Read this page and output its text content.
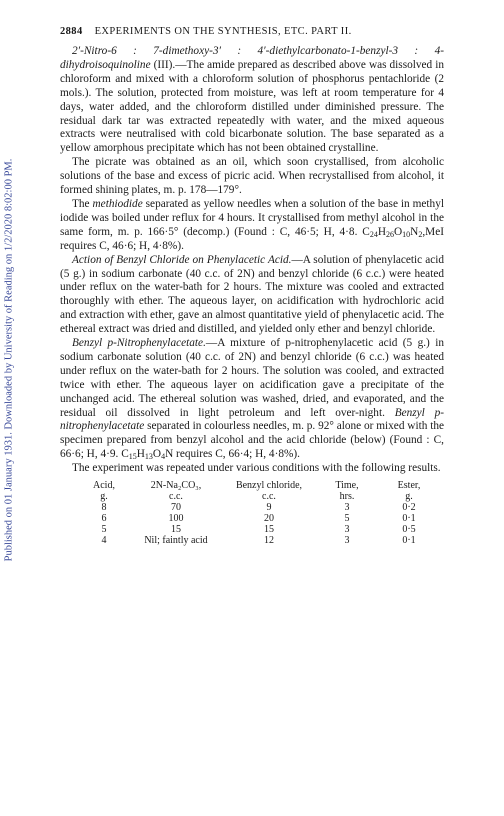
Published on 01 January 1931. Downloaded by University of Reading on 1/2/2020 8:02:00 PM.
2884 EXPERIMENTS ON THE SYNTHESIS, ETC. PART II.

2′-Nitro-6 : 7-dimethoxy-3′ : 4′-diethylcarbonato-1-benzyl-3 : 4-dihydroisoquinoline (III).—The amide prepared as described above was dissolved in chloroform and mixed with a chloroform solution of phosphorus pentachloride (2 mols.). The solution, protected from moisture, was left at room temperature for 4 days, water added, and the chloroform distilled under diminished pressure. The residual dark tar was extracted repeatedly with water, and the mixed aqueous extracts were neutralised with cold bicarbonate solution. The base separated as a yellow amorphous precipitate which has not been obtained crystalline.

The picrate was obtained as an oil, which soon crystallised, from alcoholic solutions of the base and excess of picric acid. When recrystallised from alcohol, it formed shining plates, m. p. 178—179°.

The methiodide separated as yellow needles when a solution of the base in methyl iodide was boiled under reflux for 4 hours. It crystallised from methyl alcohol in the same form, m. p. 166·5° (decomp.) (Found : C, 46·5; H, 4·8. $C_{24}H_{26}O_{10}N_2,MeI$ requires C, 46·6; H, 4·8%).

Action of Benzyl Chloride on Phenylacetic Acid.—A solution of phenylacetic acid (5 g.) in sodium carbonate (40 c.c. of 2N) and benzyl chloride (6 c.c.) were heated under reflux on the water-bath for 2 hours. The mixture was cooled and extracted thoroughly with ether. The aqueous layer, on acidification with hydrochloric acid and extraction with ether, gave an almost quantitative yield of phenylacetic acid. The ethereal extract was dried and distilled, and yielded only ether and benzyl chloride.

Benzyl p-Nitrophenylacetate.—A mixture of p-nitrophenylacetic acid (5 g.) in sodium carbonate solution (40 c.c. of 2N) and benzyl chloride (6 c.c.) was heated under reflux on the water-bath for 2 hours. The solution was cooled, and extracted twice with ether. The aqueous layer on acidification gave a precipitate of the unchanged acid. The ethereal solution was washed, dried, and evaporated, and the residual oil dissolved in light petroleum and left over-night. Benzyl p-nitrophenylacetate separated in colourless needles, m. p. 92° alone or mixed with the specimen prepared from benzyl alcohol and the acid chloride (below) (Found : C, 66·6; H, 4·9. $C_{15}H_{13}O_4N$ requires C, 66·4; H, 4·8%).

The experiment was repeated under various conditions with the following results.

Acid,	2N-Na₂CO₃,	Benzyl chloride,	Time,	Ester,
g.	c.c.	c.c.	hrs.	g.
8	70	9	3	0·2
6	100	20	5	0·1
5	15	15	3	0·5
4	Nil; faintly acid	12	3	0·1
